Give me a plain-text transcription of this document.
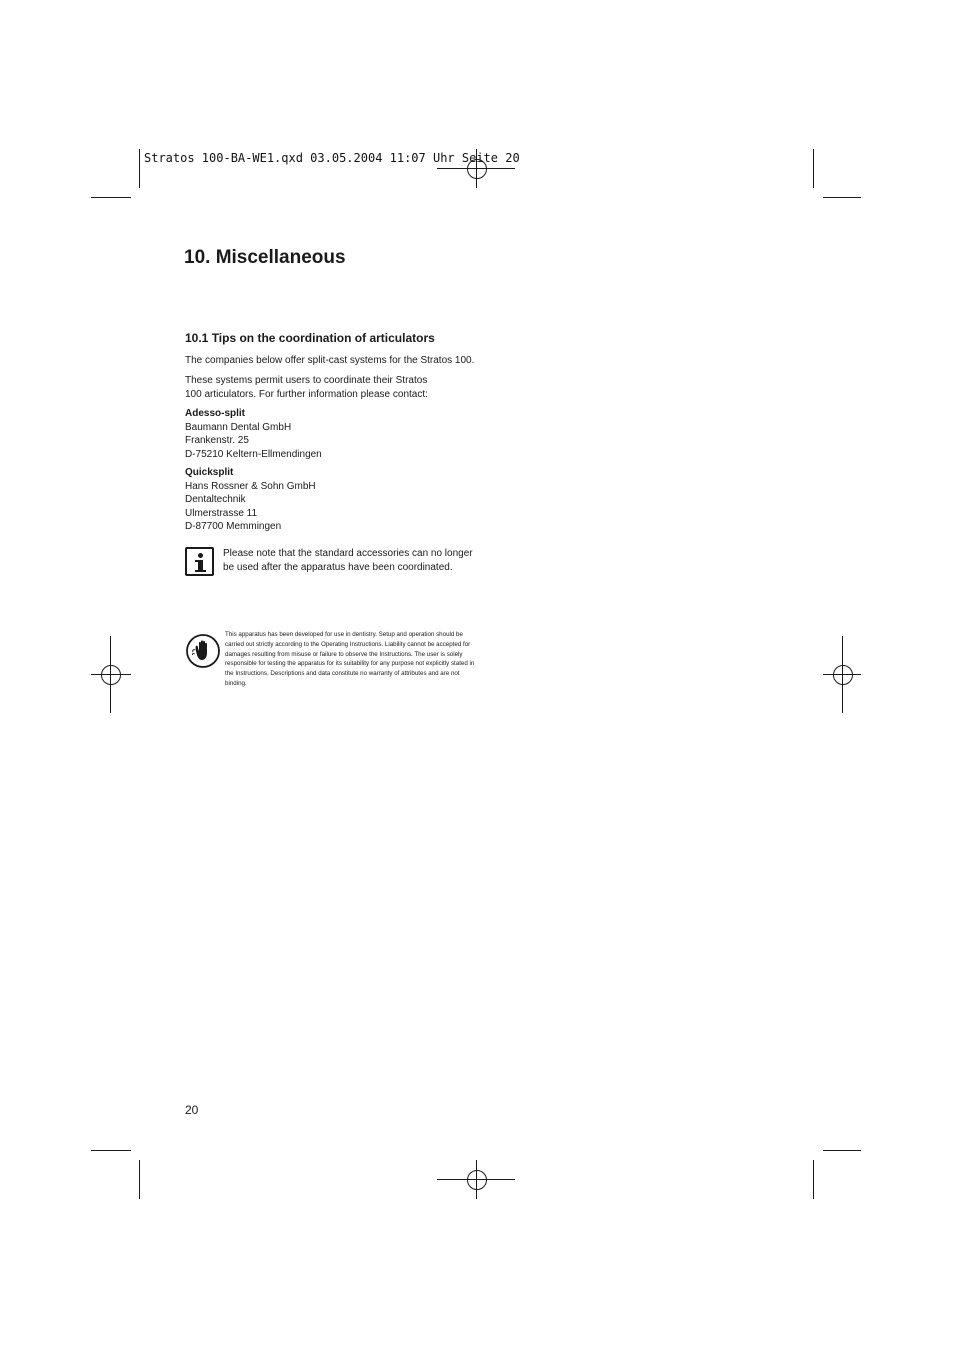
Stratos 100-BA-WE1.qxd 03.05.2004 11:07 Uhr Seite 20
10. Miscellaneous
10.1 Tips on the coordination of articulators

The companies below offer split-cast systems for the Stratos 100.

These systems permit users to coordinate their Stratos 100 articulators. For further information please contact:

Adesso-split
Baumann Dental GmbH
Frankenstr. 25
D-75210 Keltern-Ellmendingen
Quicksplit
Hans Rossner & Sohn GmbH
Dentaltechnik
Ulmerstrasse 11
D-87700 Memmingen

Please note that the standard accessories can no longer be used after the apparatus have been coordinated.

This apparatus has been developed for use in dentistry. Setup and operation should be carried out strictly according to the Operating Instructions. Liability cannot be accepted for damages resulting from misuse or failure to observe the Instructions. The user is solely responsible for testing the apparatus for its suitability for any purpose not explicitly stated in the Instructions. Descriptions and data constitute no warranty of attributes and are not binding.

20
